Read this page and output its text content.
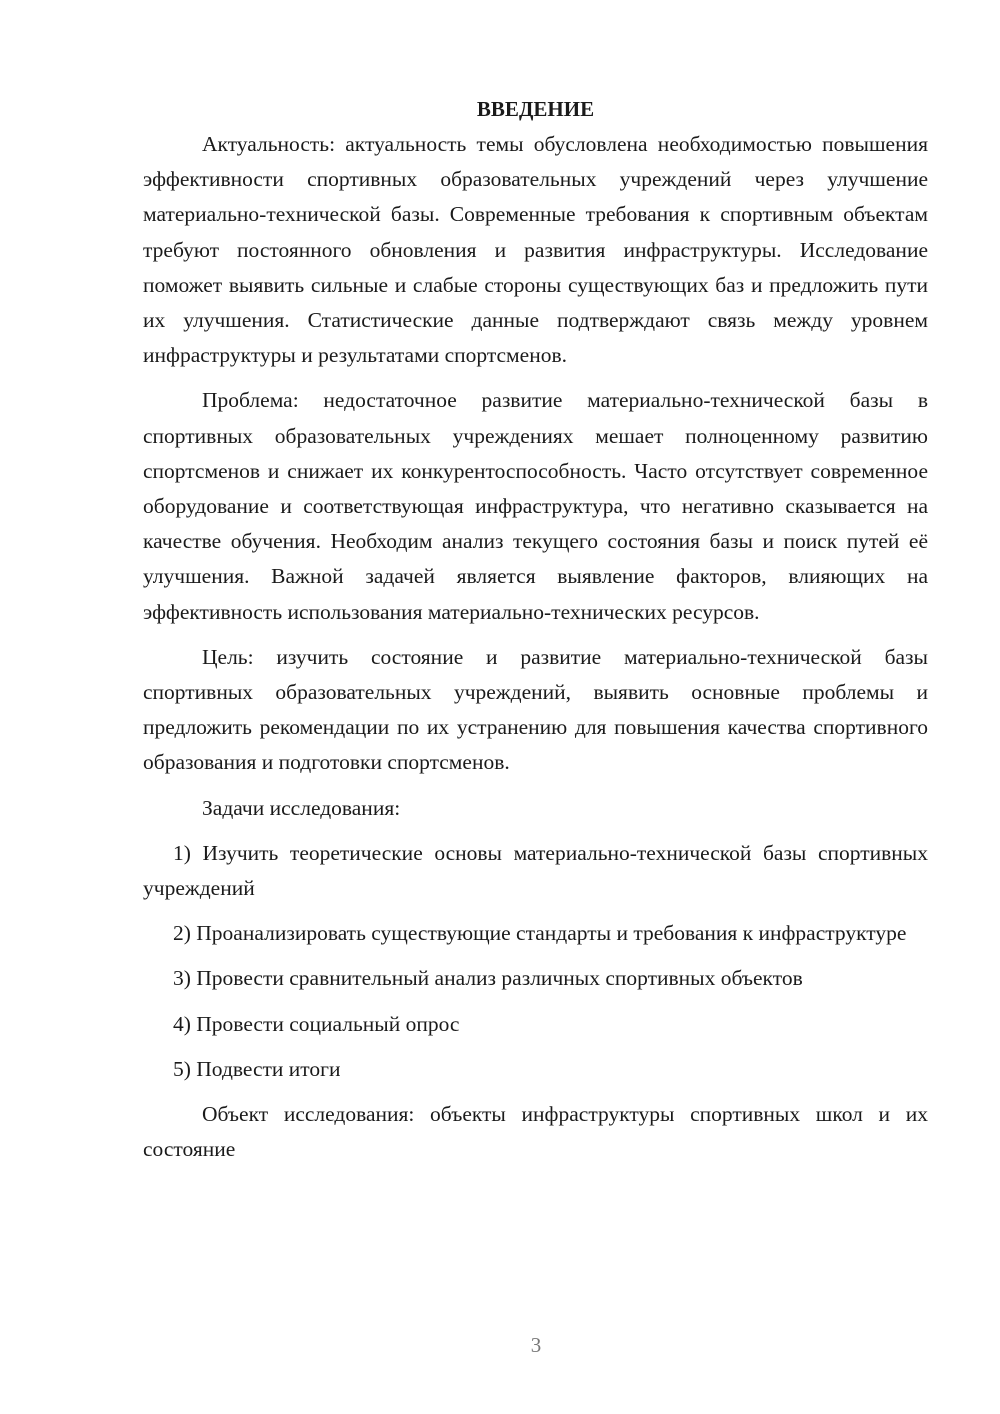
ВВЕДЕНИЕ

Актуальность: актуальность темы обусловлена необходимостью повышения эффективности спортивных образовательных учреждений через улучшение материально-технической базы. Современные требования к спортивным объектам требуют постоянного обновления и развития инфраструктуры. Исследование поможет выявить сильные и слабые стороны существующих баз и предложить пути их улучшения. Статистические данные подтверждают связь между уровнем инфраструктуры и результатами спортсменов.

Проблема: недостаточное развитие материально-технической базы в спортивных образовательных учреждениях мешает полноценному развитию спортсменов и снижает их конкурентоспособность. Часто отсутствует современное оборудование и соответствующая инфраструктура, что негативно сказывается на качестве обучения. Необходим анализ текущего состояния базы и поиск путей её улучшения. Важной задачей является выявление факторов, влияющих на эффективность использования материально-технических ресурсов.

Цель: изучить состояние и развитие материально-технической базы спортивных образовательных учреждений, выявить основные проблемы и предложить рекомендации по их устранению для повышения качества спортивного образования и подготовки спортсменов.

Задачи исследования:

1) Изучить теоретические основы материально-технической базы спортивных учреждений

2) Проанализировать существующие стандарты и требования к инфраструктуре

3) Провести сравнительный анализ различных спортивных объектов

4) Провести социальный опрос

5) Подвести итоги

Объект исследования: объекты инфраструктуры спортивных школ и их состояние

3
